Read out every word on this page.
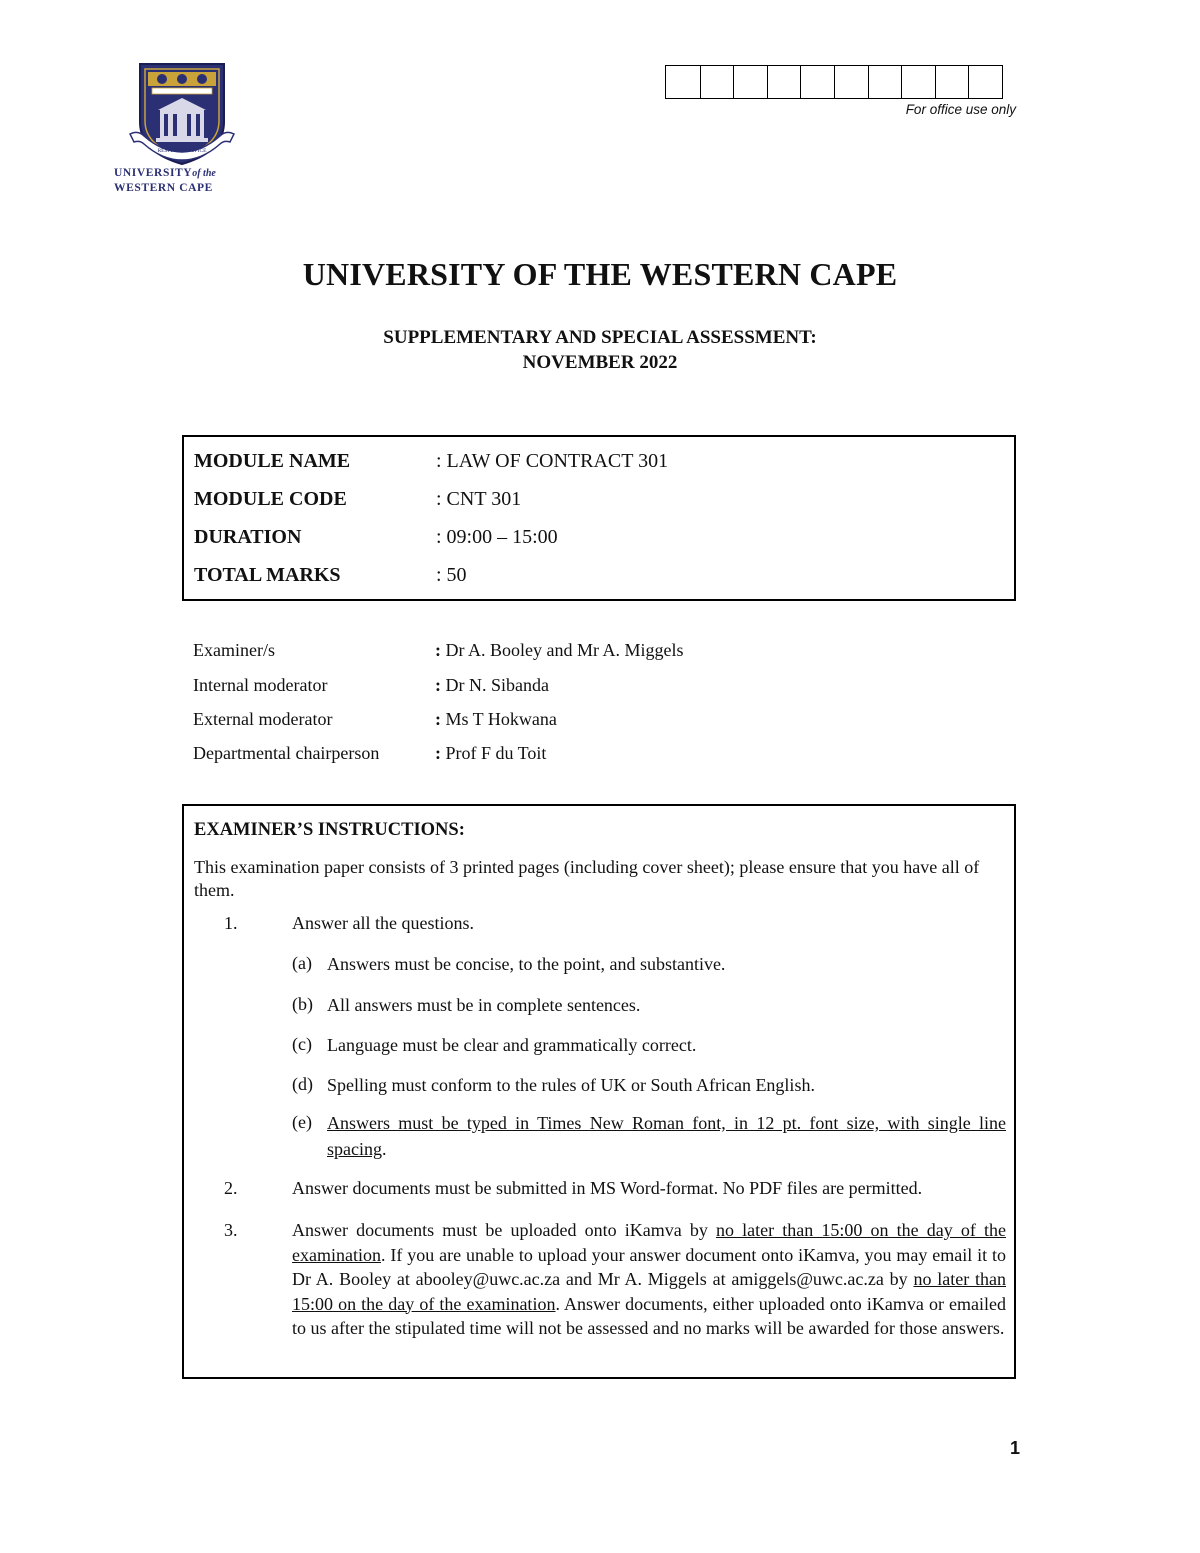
RESPICE PROSPICE
UNIVERSITYof the
WESTERN CAPE
For office use only
UNIVERSITY OF THE WESTERN CAPE
SUPPLEMENTARY AND SPECIAL ASSESSMENT:
NOVEMBER 2022
MODULE NAME	: LAW OF CONTRACT 301
MODULE CODE	: CNT 301
DURATION	: 09:00 – 15:00
TOTAL MARKS	: 50
Examiner/s	: Dr A. Booley and Mr A. Miggels
Internal moderator	: Dr N. Sibanda
External moderator	: Ms T Hokwana
Departmental chairperson	: Prof F du Toit
EXAMINER’S INSTRUCTIONS:
This examination paper consists of 3 printed pages (including cover sheet); please ensure that you have all of them.
1.	Answer all the questions.
(a) Answers must be concise, to the point, and substantive.
(b) All answers must be in complete sentences.
(c) Language must be clear and grammatically correct.
(d) Spelling must conform to the rules of UK or South African English.
(e) Answers must be typed in Times New Roman font, in 12 pt. font size, with single line spacing.
2.	Answer documents must be submitted in MS Word-format. No PDF files are permitted.
3.	Answer documents must be uploaded onto iKamva by no later than 15:00 on the day of the examination. If you are unable to upload your answer document onto iKamva, you may email it to Dr A. Booley at abooley@uwc.ac.za and Mr A. Miggels at amiggels@uwc.ac.za by no later than 15:00 on the day of the examination. Answer documents, either uploaded onto iKamva or emailed to us after the stipulated time will not be assessed and no marks will be awarded for those answers.
1
